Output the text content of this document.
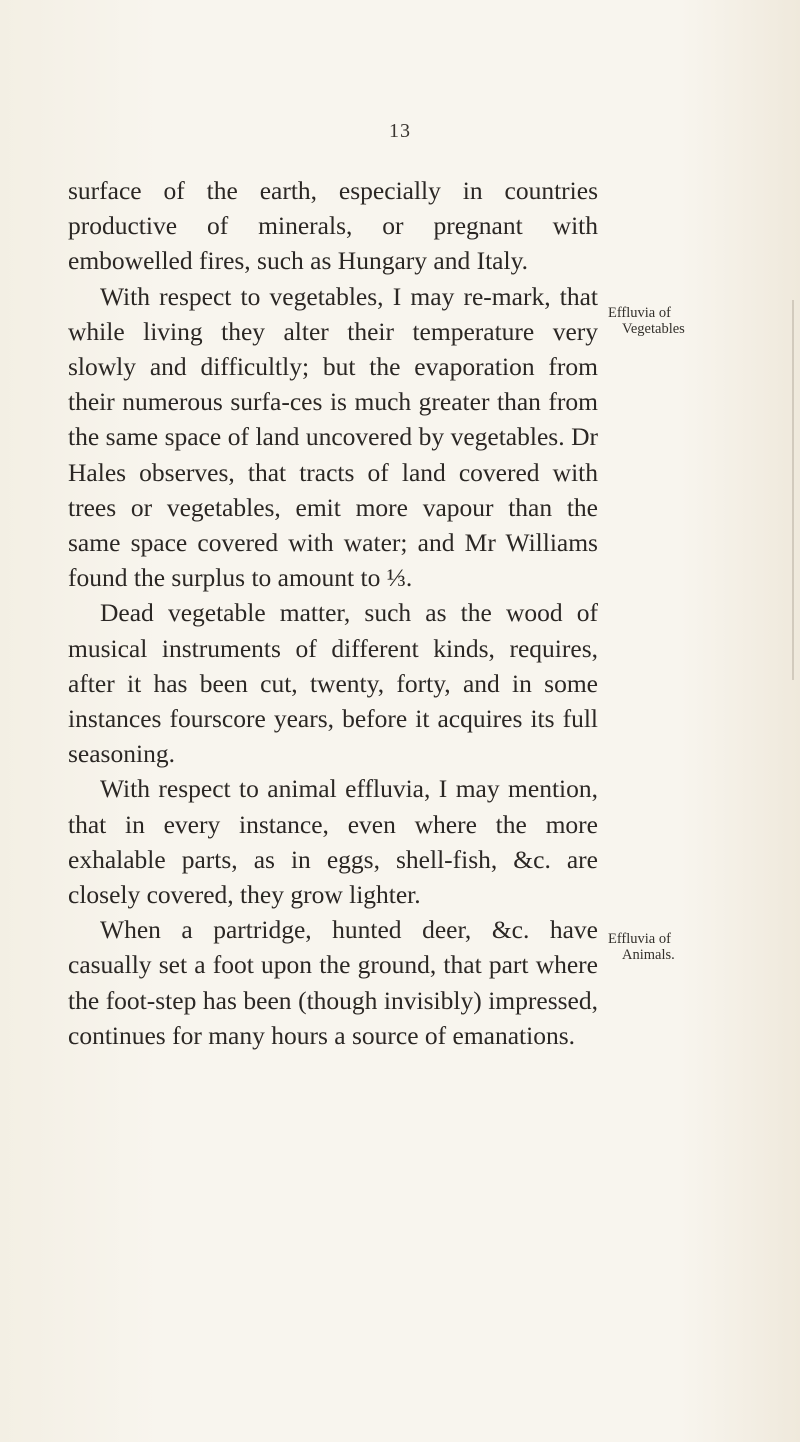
13

surface of the earth, especially in countries productive of minerals, or pregnant with embowelled fires, such as Hungary and Italy.

With respect to vegetables, I may re-mark, that while living they alter their temperature very slowly and difficultly; but the evaporation from their numerous surfa-ces is much greater than from the same space of land uncovered by vegetables. Dr Hales observes, that tracts of land covered with trees or vegetables, emit more vapour than the same space covered with water; and Mr Williams found the surplus to amount to ⅓.

Dead vegetable matter, such as the wood of musical instruments of different kinds, requires, after it has been cut, twenty, forty, and in some instances fourscore years, before it acquires its full seasoning.

With respect to animal effluvia, I may mention, that in every instance, even where the more exhalable parts, as in eggs, shell-fish, &c. are closely covered, they grow lighter.

When a partridge, hunted deer, &c. have casually set a foot upon the ground, that part where the foot-step has been (though invisibly) impressed, continues for many hours a source of emanations.

Effluvia of
Vegetables
Effluvia of
Animals.
